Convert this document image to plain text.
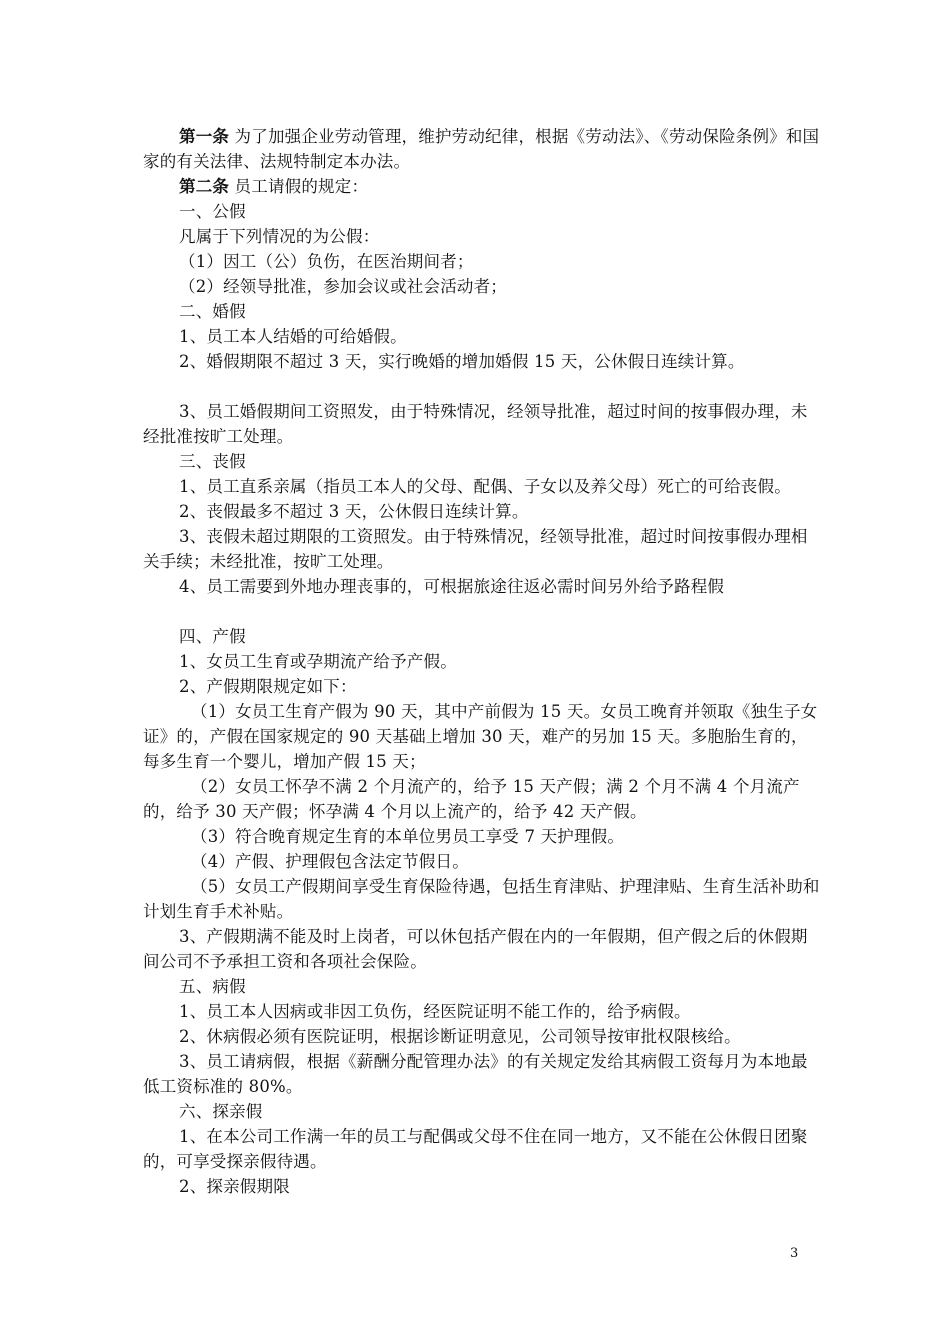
第一条 为了加强企业劳动管理，维护劳动纪律，根据《劳动法》、《劳动保险条例》和国家的有关法律、法规特制定本办法。

第二条 员工请假的规定：

一、公假

凡属于下列情况的为公假：

（1）因工（公）负伤，在医治期间者；

（2）经领导批准，参加会议或社会活动者；

二、婚假

1、员工本人结婚的可给婚假。

2、婚假期限不超过 3 天，实行晚婚的增加婚假 15 天，公休假日连续计算。

3、员工婚假期间工资照发，由于特殊情况，经领导批准，超过时间的按事假办理，未经批准按旷工处理。

三、丧假

1、员工直系亲属（指员工本人的父母、配偶、子女以及养父母）死亡的可给丧假。

2、丧假最多不超过 3 天，公休假日连续计算。

3、丧假未超过期限的工资照发。由于特殊情况，经领导批准，超过时间按事假办理相关手续；未经批准，按旷工处理。

4、员工需要到外地办理丧事的，可根据旅途往返必需时间另外给予路程假

四、产假

1、女员工生育或孕期流产给予产假。

2、产假期限规定如下：

（1）女员工生育产假为 90 天，其中产前假为 15 天。女员工晚育并领取《独生子女证》的，产假在国家规定的 90 天基础上增加 30 天，难产的另加 15 天。多胞胎生育的，每多生育一个婴儿，增加产假 15 天；

（2）女员工怀孕不满 2 个月流产的，给予 15 天产假；满 2 个月不满 4 个月流产的，给予 30 天产假；怀孕满 4 个月以上流产的，给予 42 天产假。

（3）符合晚育规定生育的本单位男员工享受 7 天护理假。

（4）产假、护理假包含法定节假日。

（5）女员工产假期间享受生育保险待遇，包括生育津贴、护理津贴、生育生活补助和计划生育手术补贴。

3、产假期满不能及时上岗者，可以休包括产假在内的一年假期，但产假之后的休假期间公司不予承担工资和各项社会保险。

五、病假

1、员工本人因病或非因工负伤，经医院证明不能工作的，给予病假。

2、休病假必须有医院证明，根据诊断证明意见，公司领导按审批权限核给。

3、员工请病假，根据《薪酬分配管理办法》的有关规定发给其病假工资每月为本地最低工资标准的 80%。

六、探亲假

1、在本公司工作满一年的员工与配偶或父母不住在同一地方，又不能在公休假日团聚的，可享受探亲假待遇。

2、探亲假期限

3
